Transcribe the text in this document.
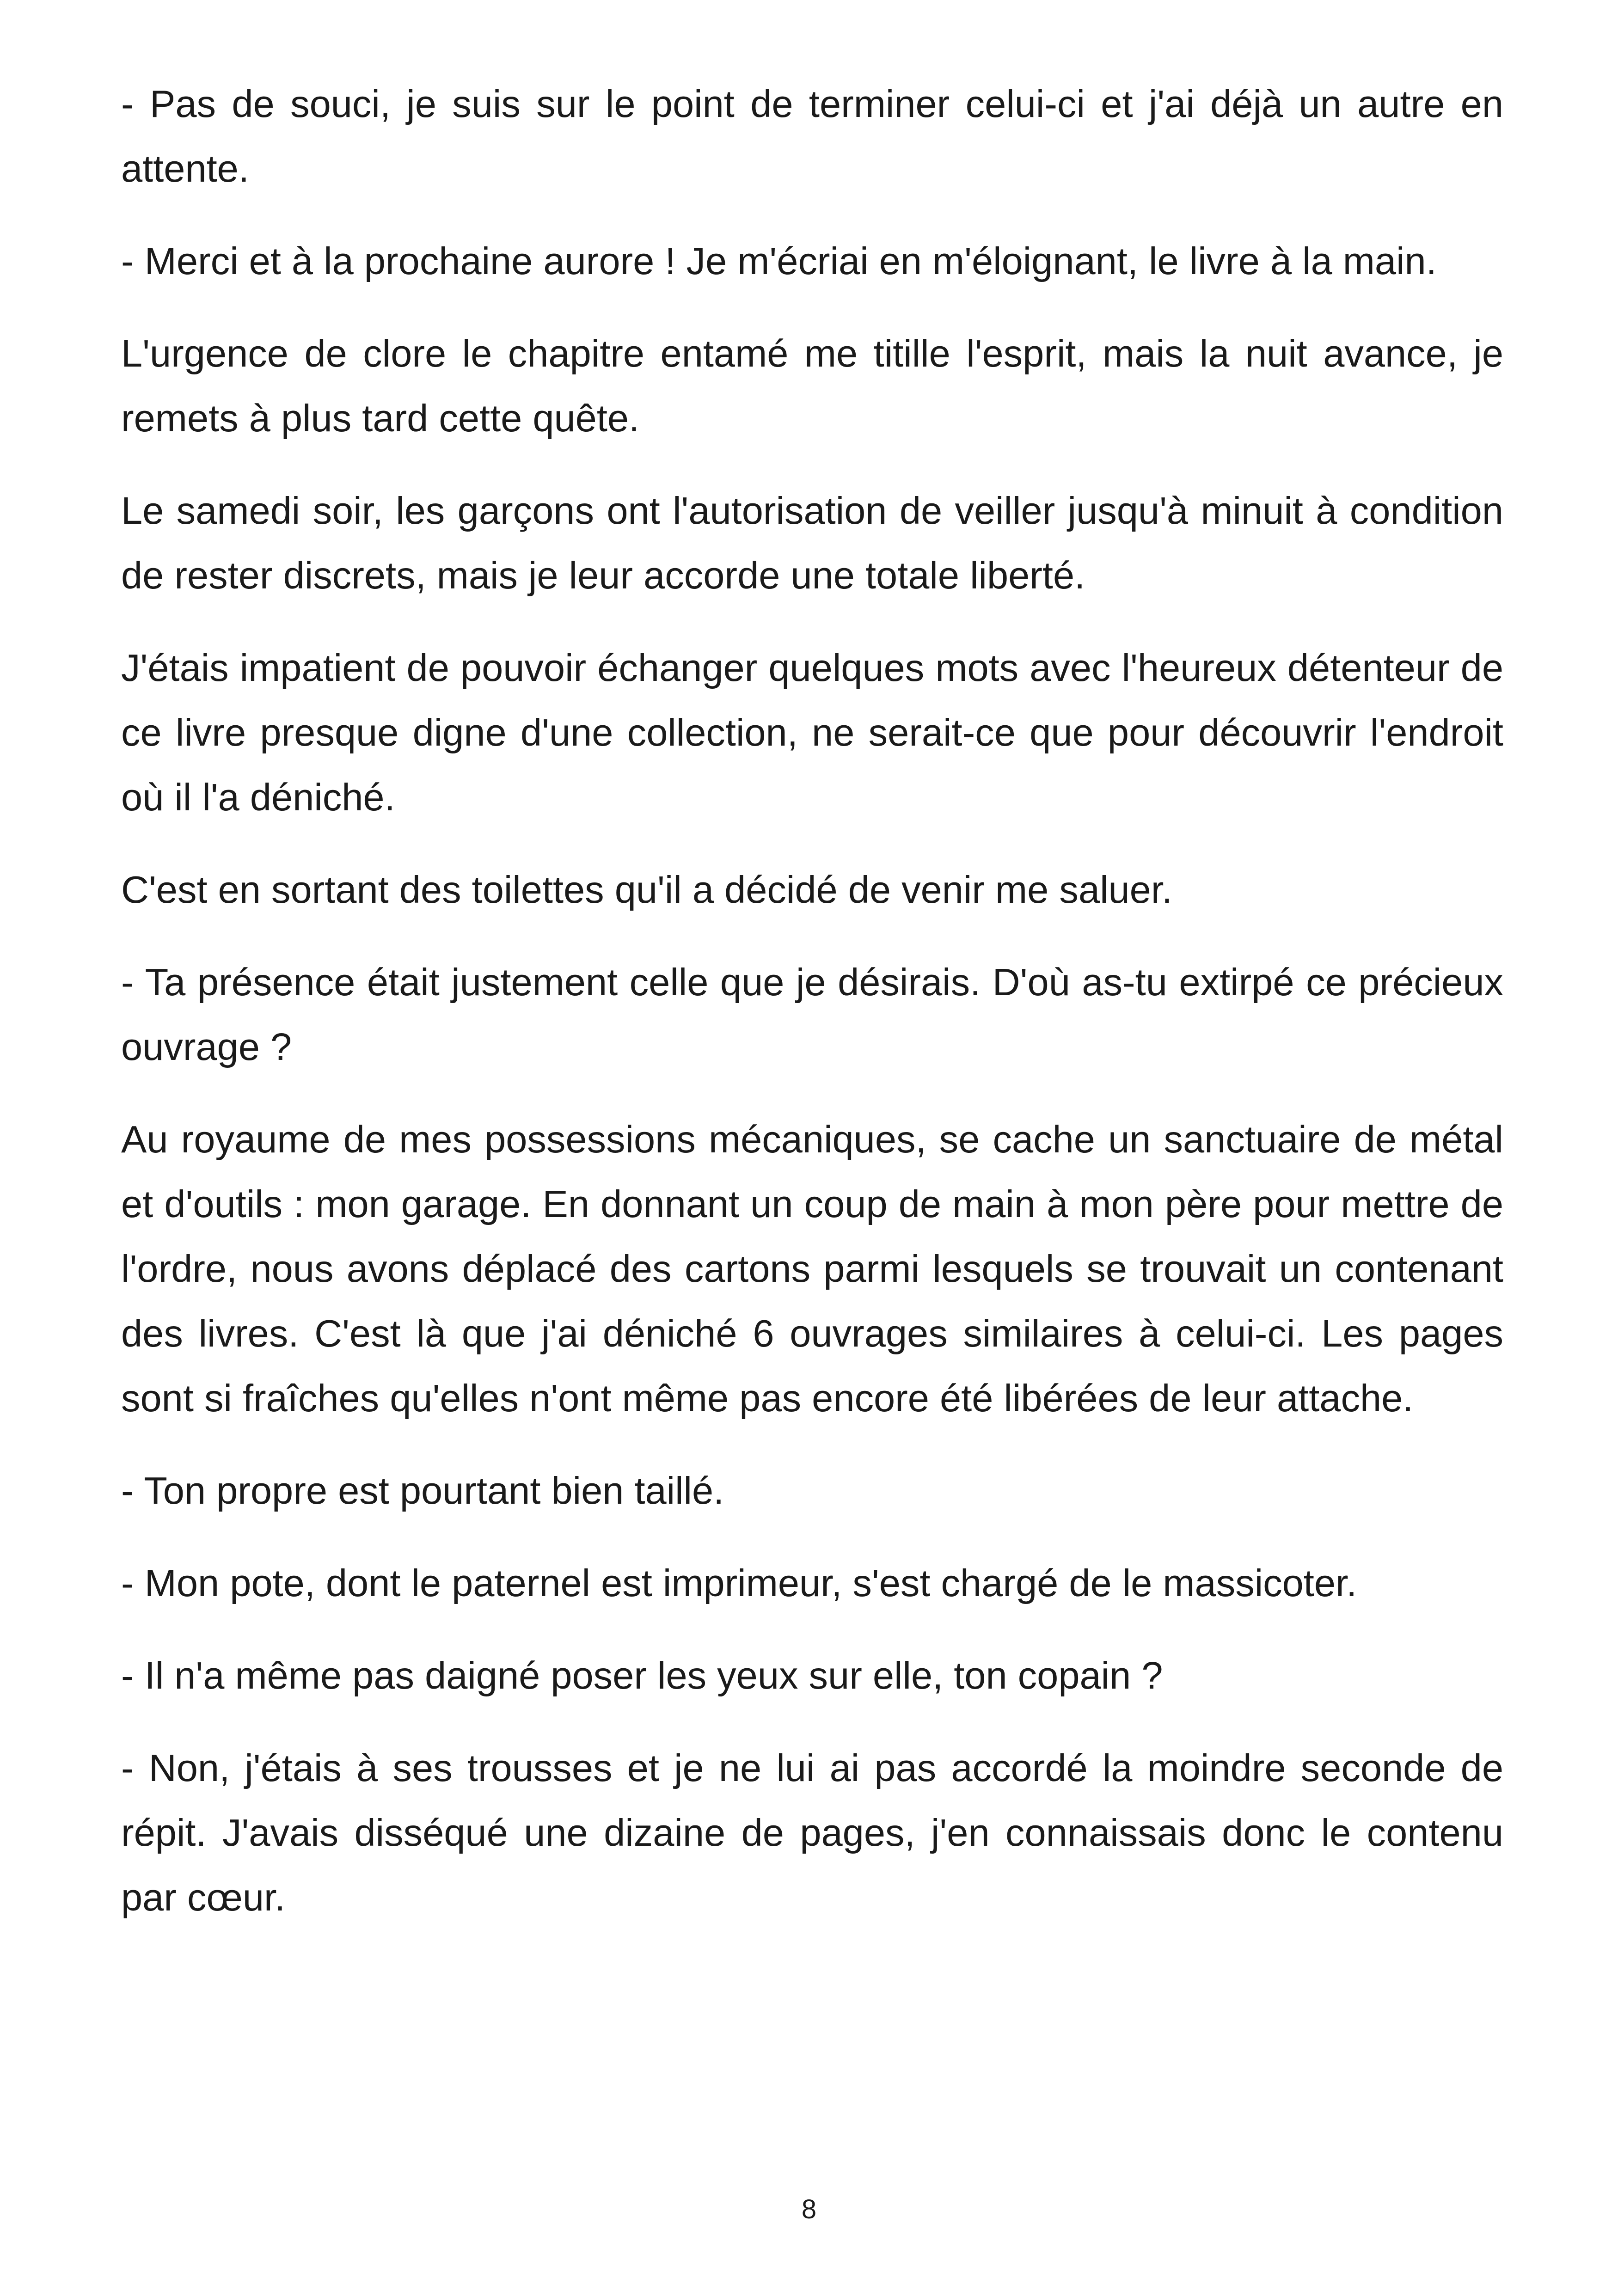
- Pas de souci, je suis sur le point de terminer celui-ci et j'ai déjà un autre en attente.

- Merci et à la prochaine aurore ! Je m'écriai en m'éloignant, le livre à la main.

L'urgence de clore le chapitre entamé me titille l'esprit, mais la nuit avance, je remets à plus tard cette quête.

Le samedi soir, les garçons ont l'autorisation de veiller jusqu'à minuit à condition de rester discrets, mais je leur accorde une totale liberté.

J'étais impatient de pouvoir échanger quelques mots avec l'heureux détenteur de ce livre presque digne d'une collection, ne serait-ce que pour découvrir l'endroit où il l'a déniché.

C'est en sortant des toilettes qu'il a décidé de venir me saluer.

- Ta présence était justement celle que je désirais. D'où as-tu extirpé ce précieux ouvrage ?

Au royaume de mes possessions mécaniques, se cache un sanctuaire de métal et d'outils : mon garage. En donnant un coup de main à mon père pour mettre de l'ordre, nous avons déplacé des cartons parmi lesquels se trouvait un contenant des livres. C'est là que j'ai déniché 6 ouvrages similaires à celui-ci. Les pages sont si fraîches qu'elles n'ont même pas encore été libérées de leur attache.

- Ton propre est pourtant bien taillé.

- Mon pote, dont le paternel est imprimeur, s'est chargé de le massicoter.

- Il n'a même pas daigné poser les yeux sur elle, ton copain ?

- Non, j'étais à ses trousses et je ne lui ai pas accordé la moindre seconde de répit. J'avais disséqué une dizaine de pages, j'en connaissais donc le contenu par cœur.

8
